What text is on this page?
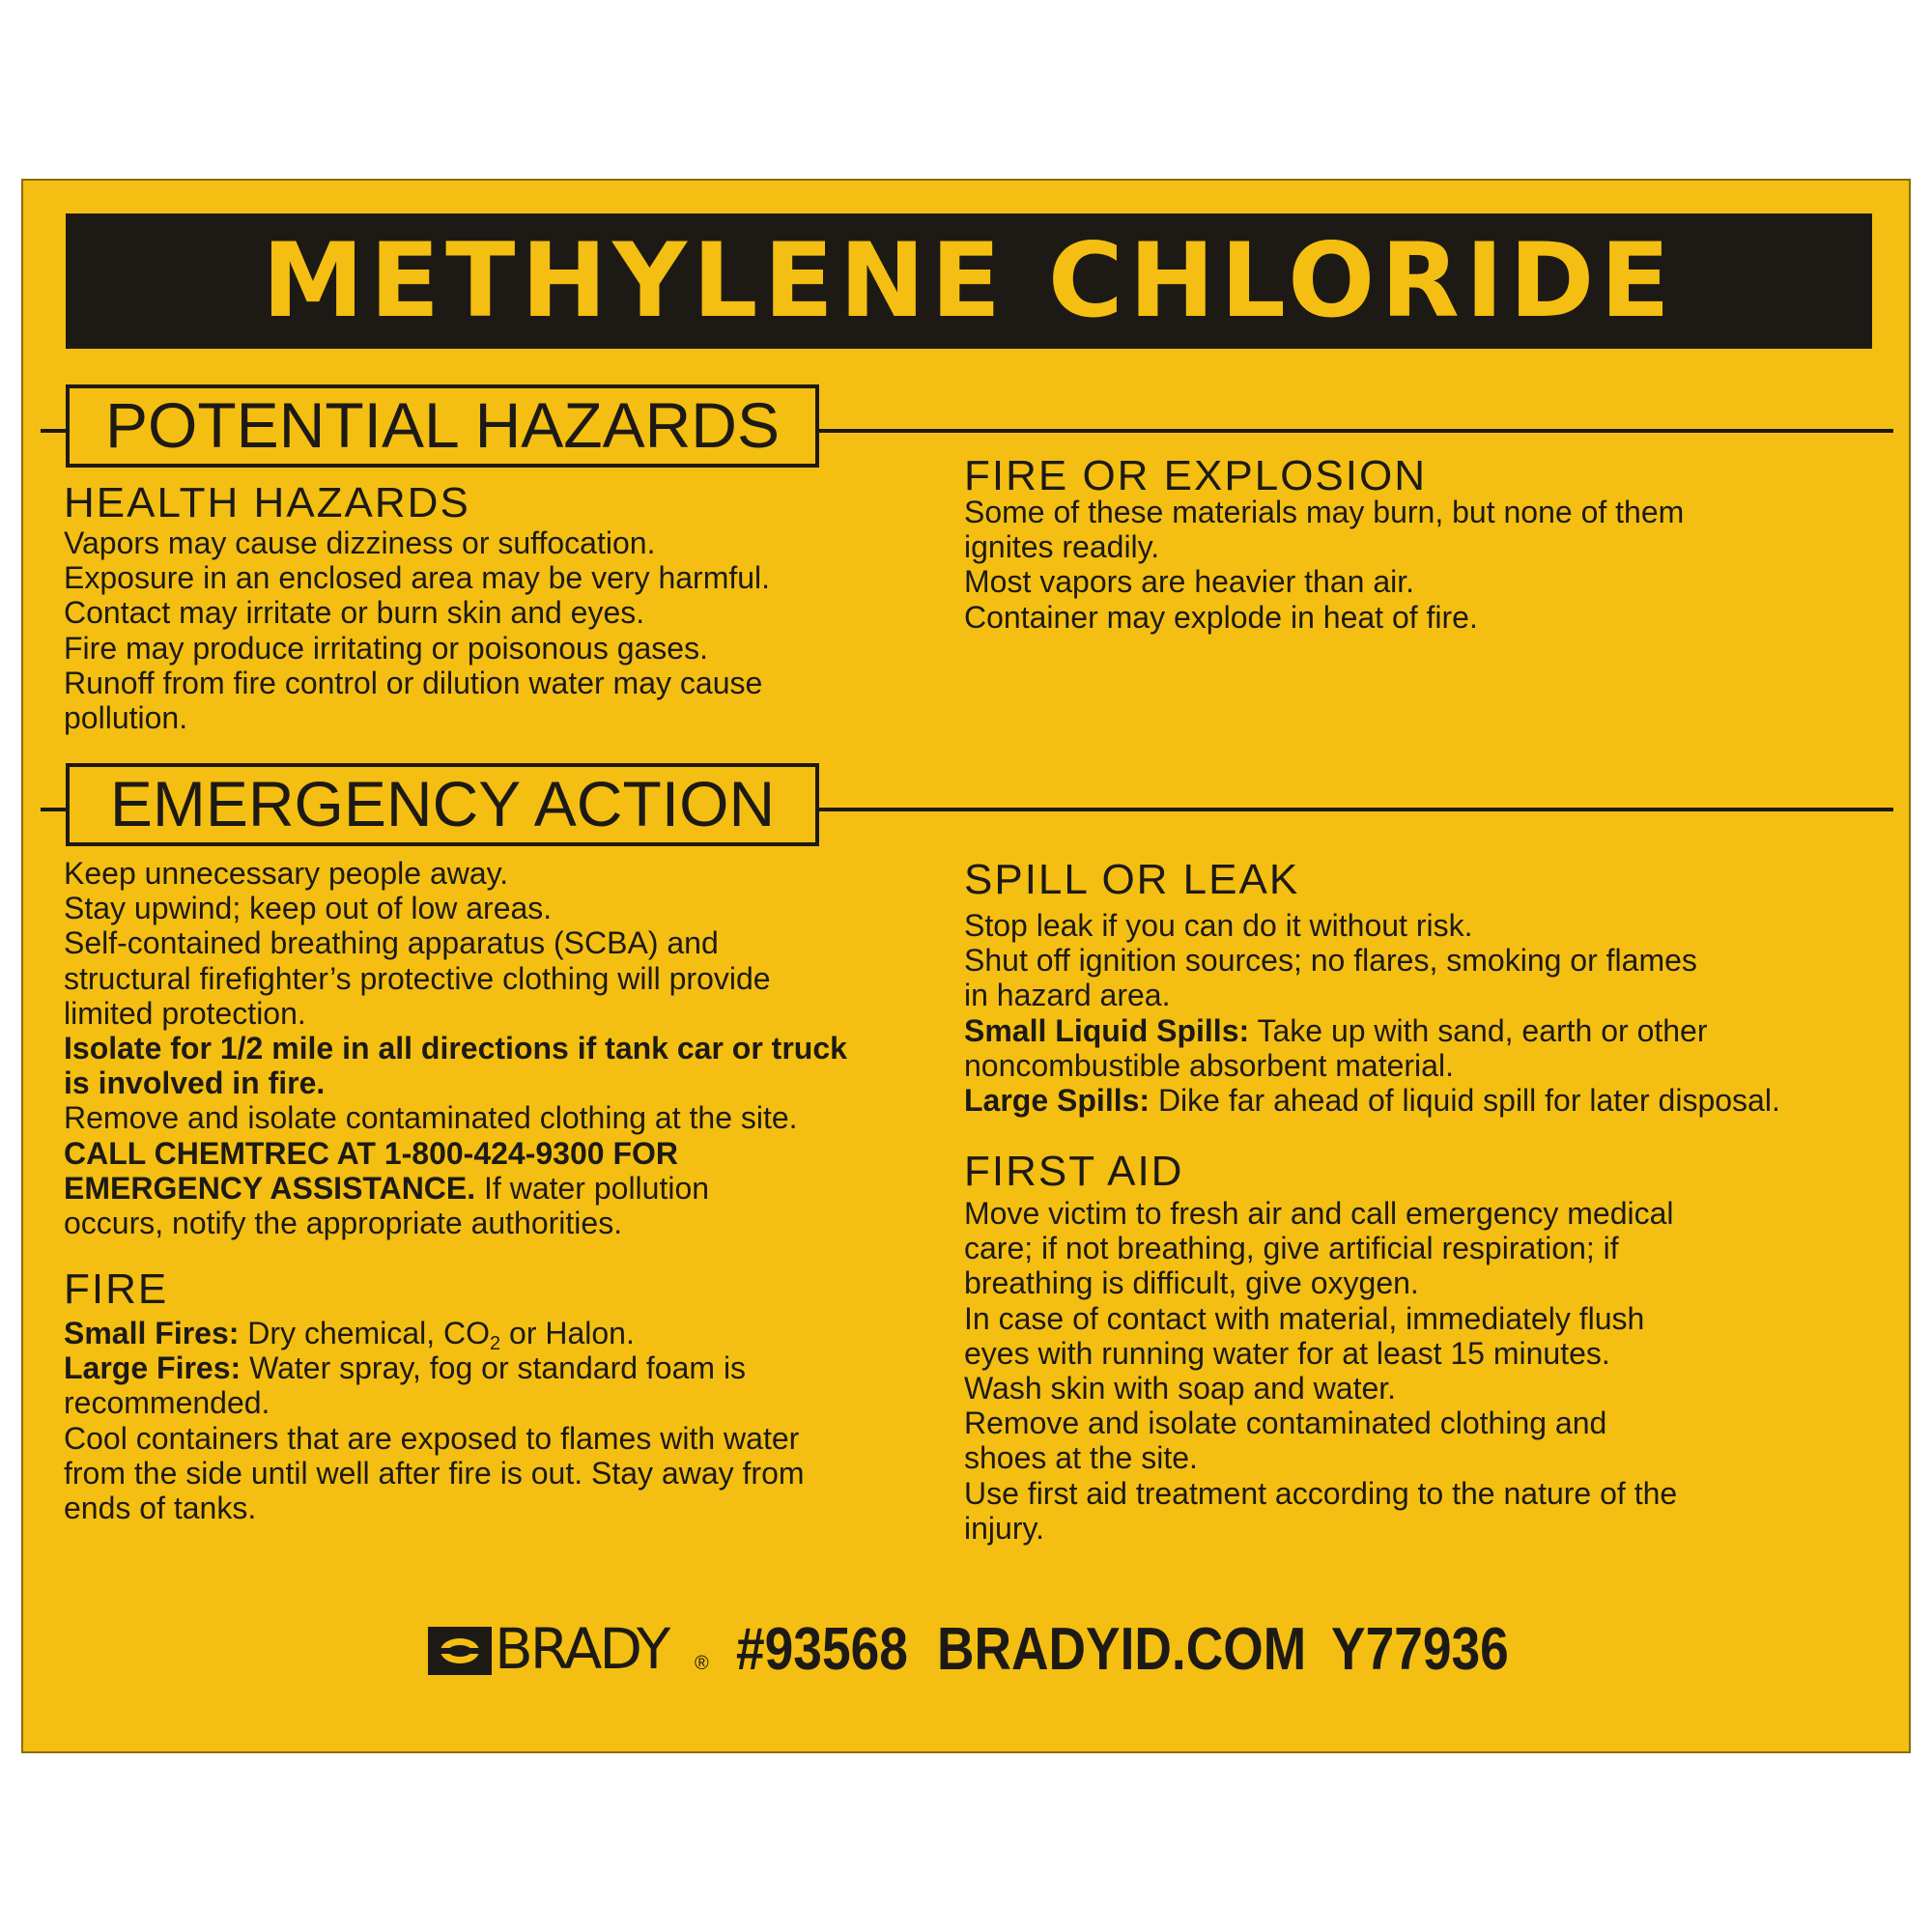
METHYLENE CHLORIDE
POTENTIAL HAZARDS
HEALTH HAZARDS

Vapors may cause dizziness or suffocation.

Exposure in an enclosed area may be very harmful.

Contact may irritate or burn skin and eyes.

Fire may produce irritating or poisonous gases.

Runoff from fire control or dilution water may cause

pollution.

FIRE OR EXPLOSION

Some of these materials may burn, but none of them

ignites readily.

Most vapors are heavier than air.

Container may explode in heat of fire.

EMERGENCY ACTION

Keep unnecessary people away.

Stay upwind; keep out of low areas.

Self-contained breathing apparatus (SCBA) and

structural firefighter’s protective clothing will provide

limited protection.

Isolate for 1/2 mile in all directions if tank car or truck

is involved in fire.

Remove and isolate contaminated clothing at the site.

CALL CHEMTREC AT 1-800-424-9300 FOR

EMERGENCY ASSISTANCE. If water pollution

occurs, notify the appropriate authorities.

FIRE

Small Fires: Dry chemical, $CO_2$ or Halon.

Large Fires: Water spray, fog or standard foam is

recommended.

Cool containers that are exposed to flames with water

from the side until well after fire is out. Stay away from

ends of tanks.

SPILL OR LEAK

Stop leak if you can do it without risk.

Shut off ignition sources; no flares, smoking or flames

in hazard area.

Small Liquid Spills: Take up with sand, earth or other

noncombustible absorbent material.

Large Spills: Dike far ahead of liquid spill for later disposal.

FIRST AID

Move victim to fresh air and call emergency medical

care; if not breathing, give artificial respiration; if

breathing is difficult, give oxygen.

In case of contact with material, immediately flush

eyes with running water for at least 15 minutes.

Wash skin with soap and water.

Remove and isolate contaminated clothing and

shoes at the site.

Use first aid treatment according to the nature of the

injury.

BRADY ® #93568 BRADYID.COM Y77936
